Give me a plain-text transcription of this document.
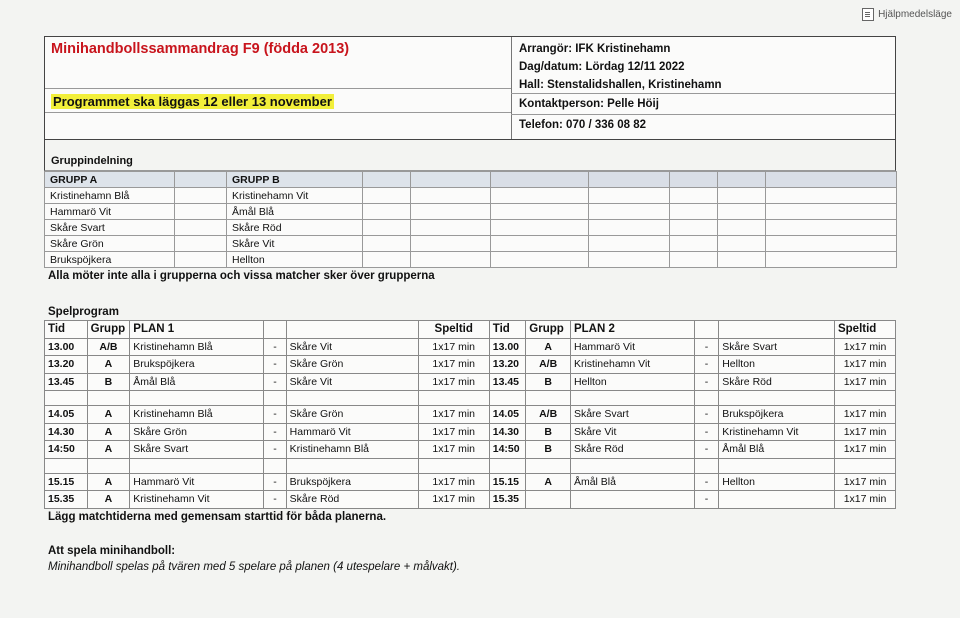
Hjälpmedelsläge
Minihandbollssammandrag F9 (födda 2013)	Arrangör: IFK Kristinehamn
Dag/datum: Lördag 12/11 2022
Hall: Stenstalidshallen, Kristinehamn
Kontaktperson: Pelle Höij
Telefon: 070 / 336 08 82
Programmet ska läggas 12 eller 13 november
Gruppindelning
GRUPP A		GRUPP B							
Kristinehamn Blå		Kristinehamn Vit							
Hammarö Vit		Åmål Blå							
Skåre Svart		Skåre Röd							
Skåre Grön		Skåre Vit							
Brukspöjkera		Hellton							
Alla möter inte alla i grupperna och vissa matcher sker över grupperna
Spelprogram
Tid	Grupp	PLAN 1			Speltid	Tid	Grupp	PLAN 2			Speltid
13.00	A/B	Kristinehamn Blå	-	Skåre Vit	1x17 min	13.00	A	Hammarö Vit	-	Skåre Svart	1x17 min
13.20	A	Brukspöjkera	-	Skåre Grön	1x17 min	13.20	A/B	Kristinehamn Vit	-	Hellton	1x17 min
13.45	B	Åmål Blå	-	Skåre Vit	1x17 min	13.45	B	Hellton	-	Skåre Röd	1x17 min

14.05	A	Kristinehamn Blå	-	Skåre Grön	1x17 min	14.05	A/B	Skåre Svart	-	Brukspöjkera	1x17 min
14.30	A	Skåre Grön	-	Hammarö Vit	1x17 min	14.30	B	Skåre Vit	-	Kristinehamn Vit	1x17 min
14:50	A	Skåre Svart	-	Kristinehamn Blå	1x17 min	14:50	B	Skåre Röd	-	Åmål Blå	1x17 min

15.15	A	Hammarö Vit	-	Brukspöjkera	1x17 min	15.15	A	Åmål Blå	-	Hellton	1x17 min
15.35	A	Kristinehamn Vit	-	Skåre Röd	1x17 min	15.35			-		1x17 min
Lägg matchtiderna med gemensam starttid för båda planerna.
Att spela minihandboll:
Minihandboll spelas på tvären med 5 spelare på planen (4 utespelare + målvakt).
